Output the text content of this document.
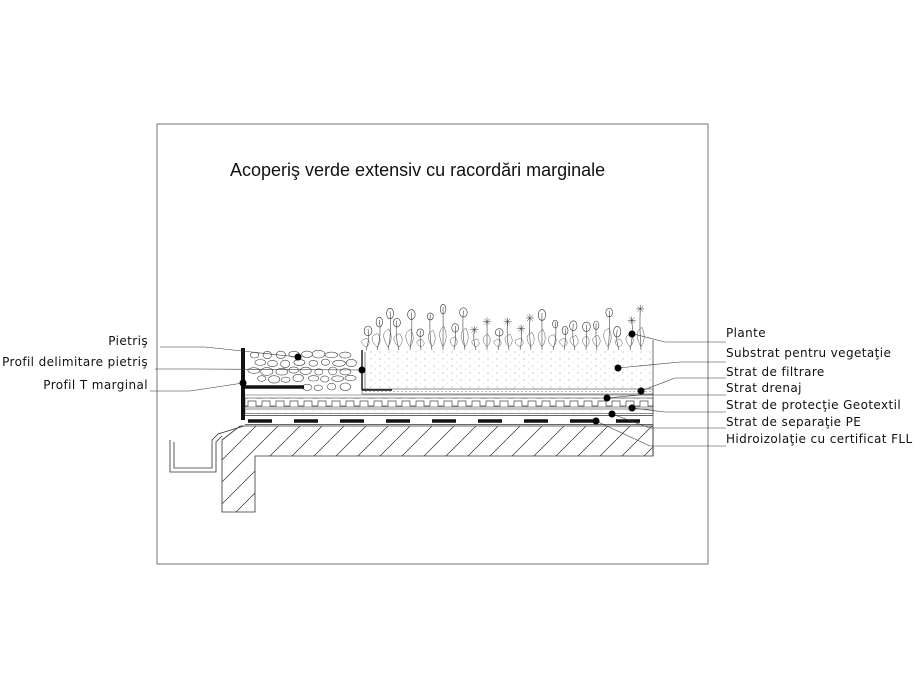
Acoperiş verde extensiv cu racordări marginale
Pietriş
Profil delimitare pietriş
Profil T marginal
Plante
Substrat pentru vegetaţie
Strat de filtrare
Strat drenaj
Strat de protecţie Geotextil
Strat de separaţie PE
Hidroizolaţie cu certificat FLL
